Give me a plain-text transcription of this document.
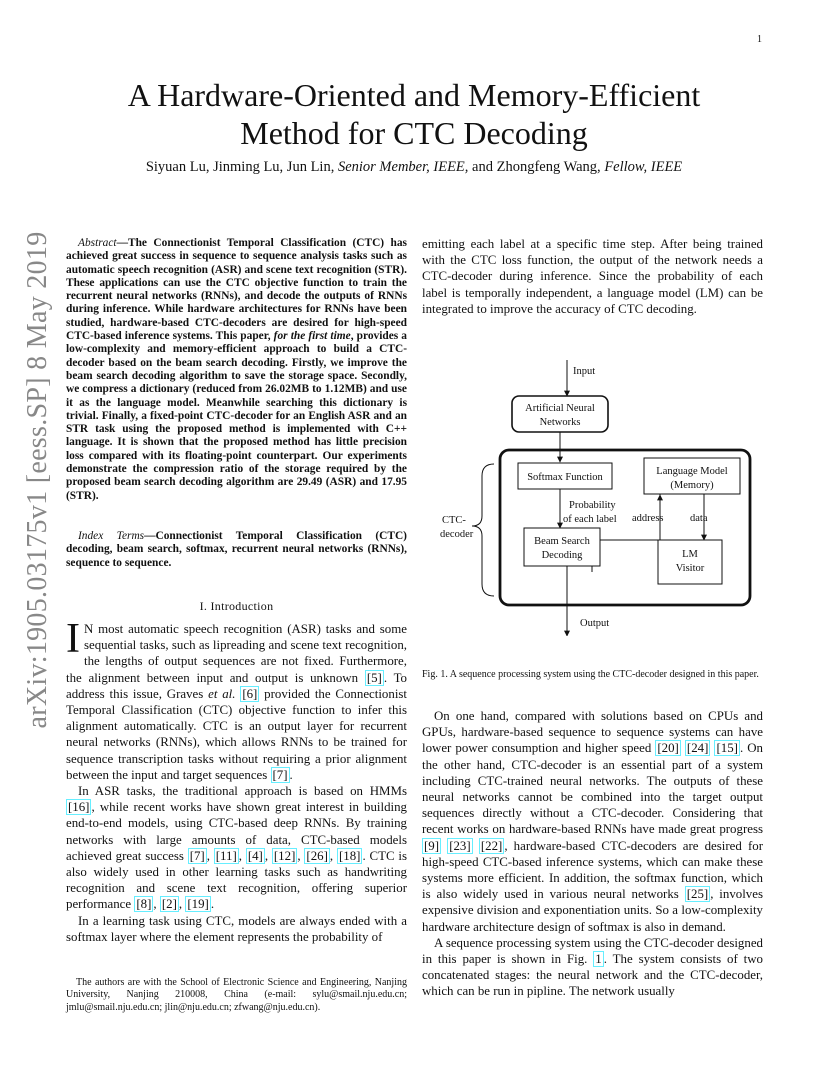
1
arXiv:1905.03175v1 [eess.SP] 8 May 2019
A Hardware-Oriented and Memory-Efficient
Method for CTC Decoding
Siyuan Lu, Jinming Lu, Jun Lin, Senior Member, IEEE, and Zhongfeng Wang, Fellow, IEEE

Abstract—The Connectionist Temporal Classification (CTC) has achieved great success in sequence to sequence analysis tasks such as automatic speech recognition (ASR) and scene text recognition (STR). These applications can use the CTC objective function to train the recurrent neural networks (RNNs), and decode the outputs of RNNs during inference. While hardware architectures for RNNs have been studied, hardware-based CTC-decoders are desired for high-speed CTC-based inference systems. This paper, for the first time, provides a low-complexity and memory-efficient approach to build a CTC-decoder based on the beam search decoding. Firstly, we improve the beam search decoding algorithm to save the storage space. Secondly, we compress a dictionary (reduced from 26.02MB to 1.12MB) and use it as the language model. Meanwhile searching this dictionary is trivial. Finally, a fixed-point CTC-decoder for an English ASR and an STR task using the proposed method is implemented with C++ language. It is shown that the proposed method has little precision loss compared with its floating-point counterpart. Our experiments demonstrate the compression ratio of the storage required by the proposed beam search decoding algorithm are 29.49 (ASR) and 17.95 (STR).

Index Terms—Connectionist Temporal Classification (CTC) decoding, beam search, softmax, recurrent neural networks (RNNs), sequence to sequence.

I. Introduction

I N most automatic speech recognition (ASR) tasks and some sequential tasks, such as lipreading and scene text recognition, the lengths of output sequences are not fixed. Furthermore, the alignment between input and output is unknown [5] . To address this issue, Graves et al. [6] provided the Connectionist Temporal Classification (CTC) objective function to infer this alignment automatically. CTC is an output layer for recurrent neural networks (RNNs), which allows RNNs to be trained for sequence transcription tasks without requiring a prior alignment between the input and target sequences [7] .

In ASR tasks, the traditional approach is based on HMMs [16] , while recent works have shown great interest in building end-to-end models, using CTC-based deep RNNs. By training networks with large amounts of data, CTC-based models achieved great success [7] , [11] , [4] , [12] , [26] , [18] . CTC is also widely used in other learning tasks such as handwriting recognition and scene text recognition, offering superior performance [8] , [2] , [19] .

In a learning task using CTC, models are always ended with a softmax layer where the element represents the probability of

The authors are with the School of Electronic Science and Engineering, Nanjing University, Nanjing 210008, China (e-mail: sylu@smail.nju.edu.cn; jmlu@smail.nju.edu.cn; jlin@nju.edu.cn; zfwang@nju.edu.cn).

emitting each label at a specific time step. After being trained with the CTC loss function, the output of the network needs a CTC-decoder during inference. Since the probability of each label is temporally independent, a language model (LM) can be integrated to improve the accuracy of CTC decoding.

Input
Artificial Neural
Networks
CTC-
decoder
Softmax Function
Language Model
(Memory)
Probability
of each label address	data
Beam Search
Decoding	LM
Visitor
Output
Fig. 1. A sequence processing system using the CTC-decoder designed in this paper.

On one hand, compared with solutions based on CPUs and GPUs, hardware-based sequence to sequence systems can have lower power consumption and higher speed [20] [24] [15] . On the other hand, CTC-decoder is an essential part of a system including CTC-trained neural networks. The outputs of these neural networks cannot be combined into the target output sequences directly without a CTC-decoder. Considering that recent works on hardware-based RNNs have made great progress [9] [23] [22] , hardware-based CTC-decoders are desired for high-speed CTC-based inference systems, which can make these systems more efficient. In addition, the softmax function, which is also widely used in various neural networks [25] , involves expensive division and exponentiation units. So a low-complexity hardware architecture design of softmax is also in demand.

A sequence processing system using the CTC-decoder designed in this paper is shown in Fig. 1 . The system consists of two concatenated stages: the neural network and the CTC-decoder, which can be run in pipline. The network usually
